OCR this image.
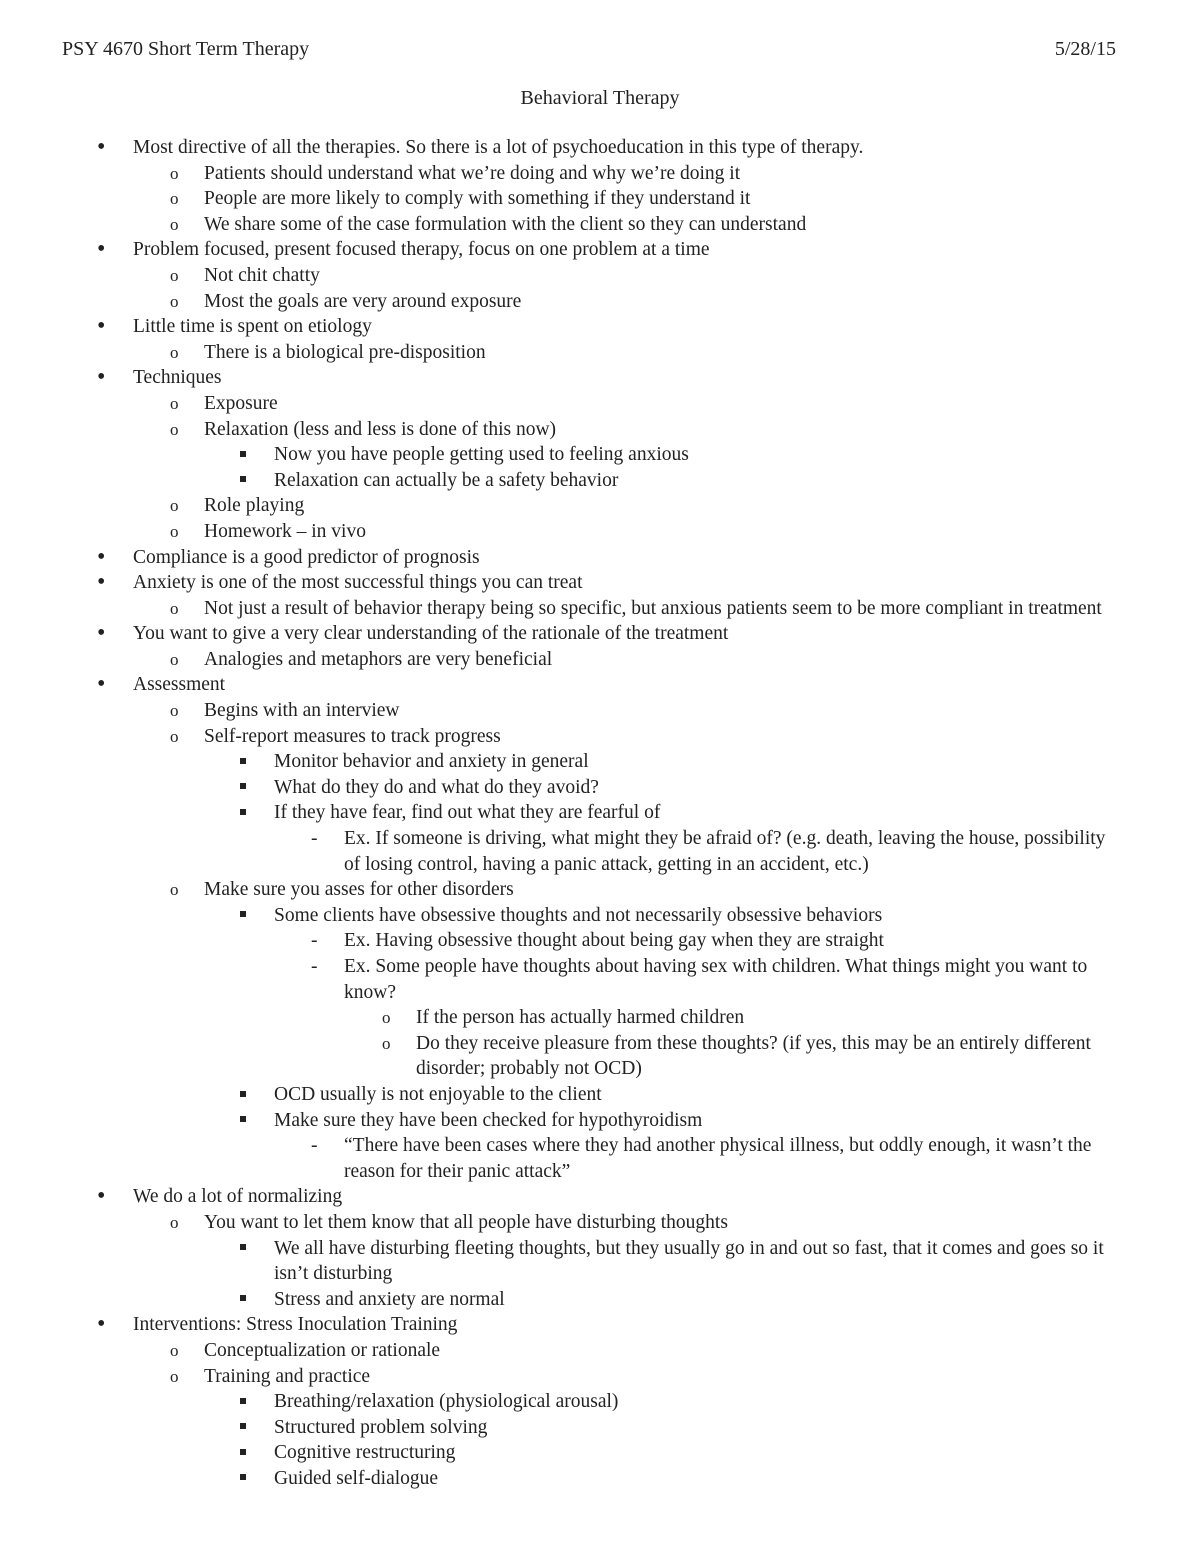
PSY 4670 Short Term Therapy	5/28/15
Behavioral Therapy
•
Most directive of all the therapies. So there is a lot of psychoeducation in this type of therapy.
o
Patients should understand what we’re doing and why we’re doing it
o
People are more likely to comply with something if they understand it
o
We share some of the case formulation with the client so they can understand
•
Problem focused, present focused therapy, focus on one problem at a time
o
Not chit chatty
o
Most the goals are very around exposure
•
Little time is spent on etiology
o
There is a biological pre-disposition
•
Techniques
o
Exposure
o
Relaxation (less and less is done of this now)
Now you have people getting used to feeling anxious
Relaxation can actually be a safety behavior
o
Role playing
o
Homework – in vivo
•
Compliance is a good predictor of prognosis
•
Anxiety is one of the most successful things you can treat
o
Not just a result of behavior therapy being so specific, but anxious patients seem to be more compliant in treatment
•
You want to give a very clear understanding of the rationale of the treatment
o
Analogies and metaphors are very beneficial
•
Assessment
o
Begins with an interview
o
Self-report measures to track progress
Monitor behavior and anxiety in general
What do they do and what do they avoid?
If they have fear, find out what they are fearful of
-
Ex. If someone is driving, what might they be afraid of? (e.g. death, leaving the house, possibility of losing control, having a panic attack, getting in an accident, etc.)
o
Make sure you asses for other disorders
Some clients have obsessive thoughts and not necessarily obsessive behaviors
-
Ex. Having obsessive thought about being gay when they are straight
-
Ex. Some people have thoughts about having sex with children. What things might you want to know?
o
If the person has actually harmed children
o
Do they receive pleasure from these thoughts? (if yes, this may be an entirely different disorder; probably not OCD)
OCD usually is not enjoyable to the client
Make sure they have been checked for hypothyroidism
-
“There have been cases where they had another physical illness, but oddly enough, it wasn’t the reason for their panic attack”
•
We do a lot of normalizing
o
You want to let them know that all people have disturbing thoughts
We all have disturbing fleeting thoughts, but they usually go in and out so fast, that it comes and goes so it isn’t disturbing
Stress and anxiety are normal
•
Interventions: Stress Inoculation Training
o
Conceptualization or rationale
o
Training and practice
Breathing/relaxation (physiological arousal)
Structured problem solving
Cognitive restructuring
Guided self-dialogue
